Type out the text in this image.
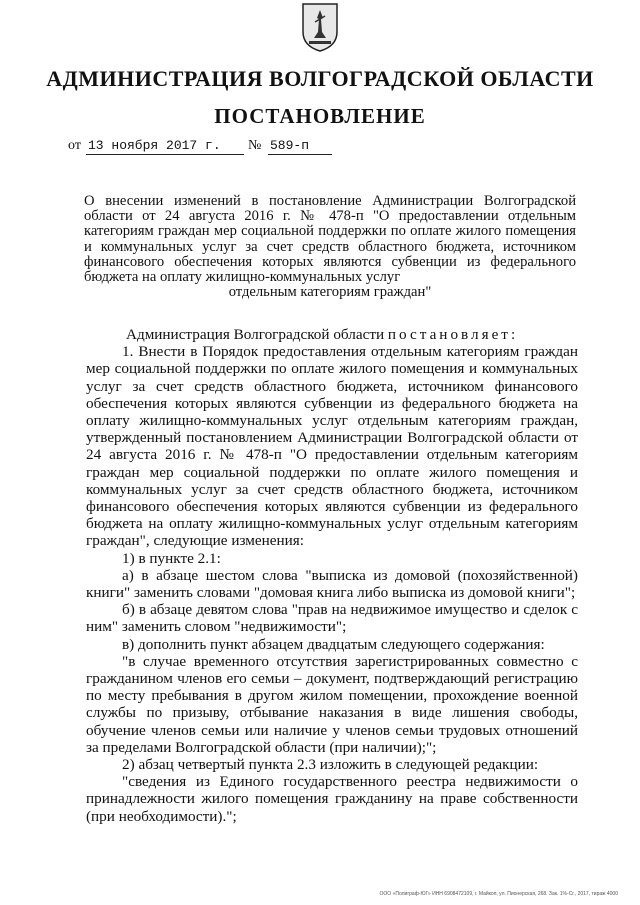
АДМИНИСТРАЦИЯ ВОЛГОГРАДСКОЙ ОБЛАСТИ
ПОСТАНОВЛЕНИЕ
от 13 ноября 2017 г.	№ 589-п
О внесении изменений в постановление Администрации Волгоградской области от 24 августа 2016 г. № 478-п "О предоставлении отдельным категориям граждан мер социальной поддержки по оплате жилого помещения и коммунальных услуг за счет средств областного бюджета, источником финансового обеспечения которых являются субвенции из федерального бюджета на оплату жилищно-коммунальных услуг
отдельным категориям граждан"

Администрация Волгоградской области постановляет:

1. Внести в Порядок предоставления отдельным категориям граждан мер социальной поддержки по оплате жилого помещения и коммунальных услуг за счет средств областного бюджета, источником финансового обеспечения которых являются субвенции из федерального бюджета на оплату жилищно-коммунальных услуг отдельным категориям граждан, утвержденный постановлением Администрации Волгоградской области от 24 августа 2016 г. № 478-п "О предоставлении отдельным категориям граждан мер социальной поддержки по оплате жилого помещения и коммунальных услуг за счет средств областного бюджета, источником финансового обеспечения которых являются субвенции из федерального бюджета на оплату жилищно-коммунальных услуг отдельным категориям граждан", следующие изменения:

1) в пункте 2.1:

а) в абзаце шестом слова "выписка из домовой (похозяйственной) книги" заменить словами "домовая книга либо выписка из домовой книги";

б) в абзаце девятом слова "прав на недвижимое имущество и сделок с ним" заменить словом "недвижимости";

в) дополнить пункт абзацем двадцатым следующего содержания:

"в случае временного отсутствия зарегистрированных совместно с гражданином членов его семьи – документ, подтверждающий регистрацию по месту пребывания в другом жилом помещении, прохождение военной службы по призыву, отбывание наказания в виде лишения свободы, обучение членов семьи или наличие у членов семьи трудовых отношений за пределами Волгоградской области (при наличии);";

2) абзац четвертый пункта 2.3 изложить в следующей редакции:

"сведения из Единого государственного реестра недвижимости о принадлежности жилого помещения гражданину на праве собственности (при необходимости).";

ООО «Полиграф-ЮГ» ИНН 6908472109, г. Майкоп, ул. Пионерская, 268. Зак. 1%-Сг., 2017, тираж 4000
